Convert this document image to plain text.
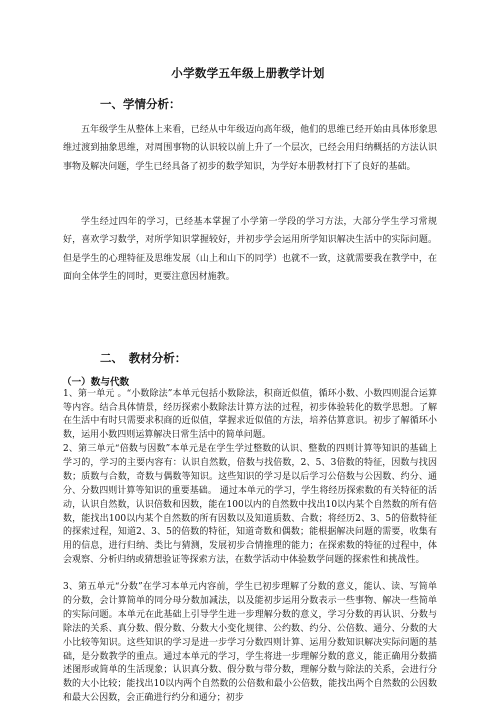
小学数学五年级上册教学计划
一、学情分析：

五年级学生从整体上来看，已经从中年级迈向高年级，他们的思维已经开始由具体形象思维过渡到抽象思维，对周围事物的认识较以前上升了一个层次，已经会用归纳概括的方法认识事物及解决问题，学生已经具备了初步的数学知识，为学好本册教材打下了良好的基础。

学生经过四年的学习，已经基本掌握了小学第一学段的学习方法，大部分学生学习常规好，喜欢学习数学，对所学知识掌握较好，并初步学会运用所学知识解决生活中的实际问题。但是学生的心理特征及思维发展（山上和山下的同学）也就不一致，这就需要我在教学中，在面向全体学生的同时，更要注意因材施教。

二、　教材分析：
（一）数与代数

1、第一单元 。“小数除法”本单元包括小数除法，积商近似值，循环小数、小数四则混合运算等内容。结合具体情景，经历探索小数除法计算方法的过程，初步体验转化的数学思想。了解在生活中有时只需要求积商的近似值，掌握求近似值的方法，培养估算意识。初步了解循环小数，运用小数四则运算解决日常生活中的简单问题。

2、第三单元“倍数与因数”本单元是在学生学过整数的认识、整数的四则计算等知识的基础上学习的，学习的主要内容有：认识自然数，倍数与找倍数，2、5、3倍数的特征，因数与找因数；质数与合数，奇数与偶数等知识。这些知识的学习是以后学习公倍数与公因数、约分、通分、分数四则计算等知识的重要基础。 通过本单元的学习，学生将经历探索数的有关特征的活动，认识自然数，认识倍数和因数，能在100以内的自然数中找出10以内某个自然数的所有倍数，能找出100以内某个自然数的所有因数以及知道质数、合数；将经历2、3、5的倍数特征的探索过程，知道2、3、5的倍数的特征，知道奇数和偶数；能根据解决问题的需要，收集有用的信息，进行归纳、类比与猜测，发展初步合情推理的能力；在探索数的特征的过程中，体会观察、分析归纳或猜想验证等探索方法，在数学活动中体验数学问题的探索性和挑战性。

3、第五单元“分数”在学习本单元内容前，学生已初步理解了分数的意义，能认、读、写简单的分数，会计算简单的同分母分数加减法，以及能初步运用分数表示一些事物、解决一些简单的实际问题。本单元在此基础上引导学生进一步理解分数的意义，学习分数的再认识、分数与除法的关系、真分数、假分数、分数大小变化规律、公约数、约分、公倍数、通分、分数的大小比较等知识。这些知识的学习是进一步学习分数四则计算、运用分数知识解决实际问题的基础，是分数教学的重点。通过本单元的学习，学生将进一步理解分数的意义，能正确用分数描述图形或简单的生活现象；认识真分数、假分数与带分数，理解分数与除法的关系，会进行分数的大小比较；能找出10以内两个自然数的公倍数和最小公倍数，能找出两个自然数的公因数和最大公因数，会正确进行约分和通分；初步
